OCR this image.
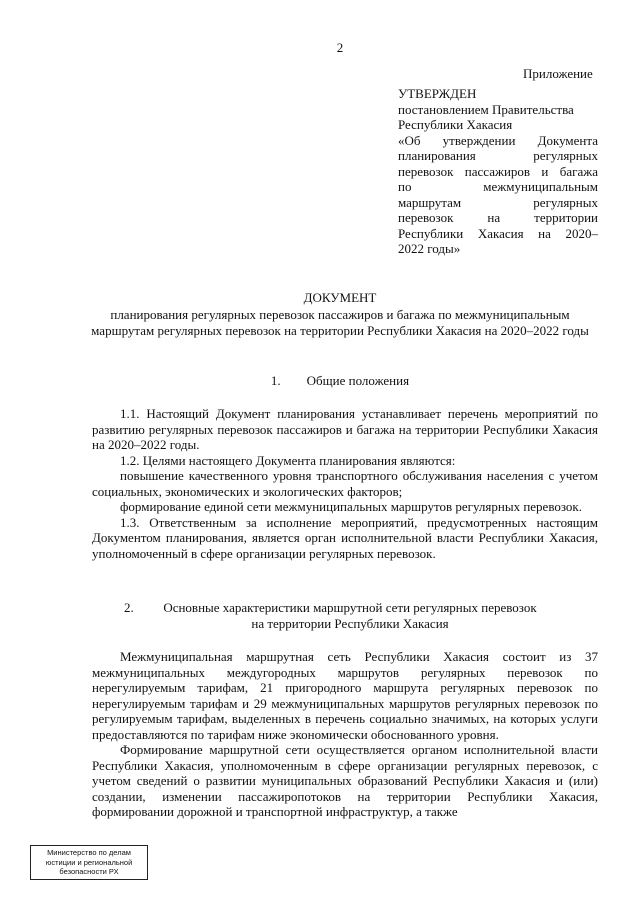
2
Приложение
УТВЕРЖДЕН
постановлением Правительства
Республики Хакасия
«Об утверждении Документа
планирования регулярных
перевозок пассажиров и багажа
по межмуниципальным
маршрутам регулярных
перевозок на территории
Республики Хакасия на 2020–
2022 годы»
ДОКУМЕНТ
планирования регулярных перевозок пассажиров и багажа по межмуниципальным маршрутам регулярных перевозок на территории Республики Хакасия на 2020–2022 годы
1. Общие положения

1.1. Настоящий Документ планирования устанавливает перечень мероприятий по развитию регулярных перевозок пассажиров и багажа на территории Республики Хакасия на 2020–2022 годы.

1.2. Целями настоящего Документа планирования являются:

повышение качественного уровня транспортного обслуживания населения с учетом социальных, экономических и экологических факторов;

формирование единой сети межмуниципальных маршрутов регулярных перевозок.

1.3. Ответственным за исполнение мероприятий, предусмотренных настоящим Документом планирования, является орган исполнительной власти Республики Хакасия, уполномоченный в сфере организации регулярных перевозок.

2. Основные характеристики маршрутной сети регулярных перевозок
на территории Республики Хакасия

Межмуниципальная маршрутная сеть Республики Хакасия состоит из 37 межмуниципальных междугородных маршрутов регулярных перевозок по нерегулируемым тарифам, 21 пригородного маршрута регулярных перевозок по нерегулируемым тарифам и 29 межмуниципальных маршрутов регулярных перевозок по регулируемым тарифам, выделенных в перечень социально значимых, на которых услуги предоставляются по тарифам ниже экономически обоснованного уровня.

Формирование маршрутной сети осуществляется органом исполнительной власти Республики Хакасия, уполномоченным в сфере организации регулярных перевозок, с учетом сведений о развитии муниципальных образований Республики Хакасия и (или) создании, изменении пассажиропотоков на территории Республики Хакасия, формировании дорожной и транспортной инфраструктур, а также

Министерство по делам
юстиции и региональной
безопасности РХ
